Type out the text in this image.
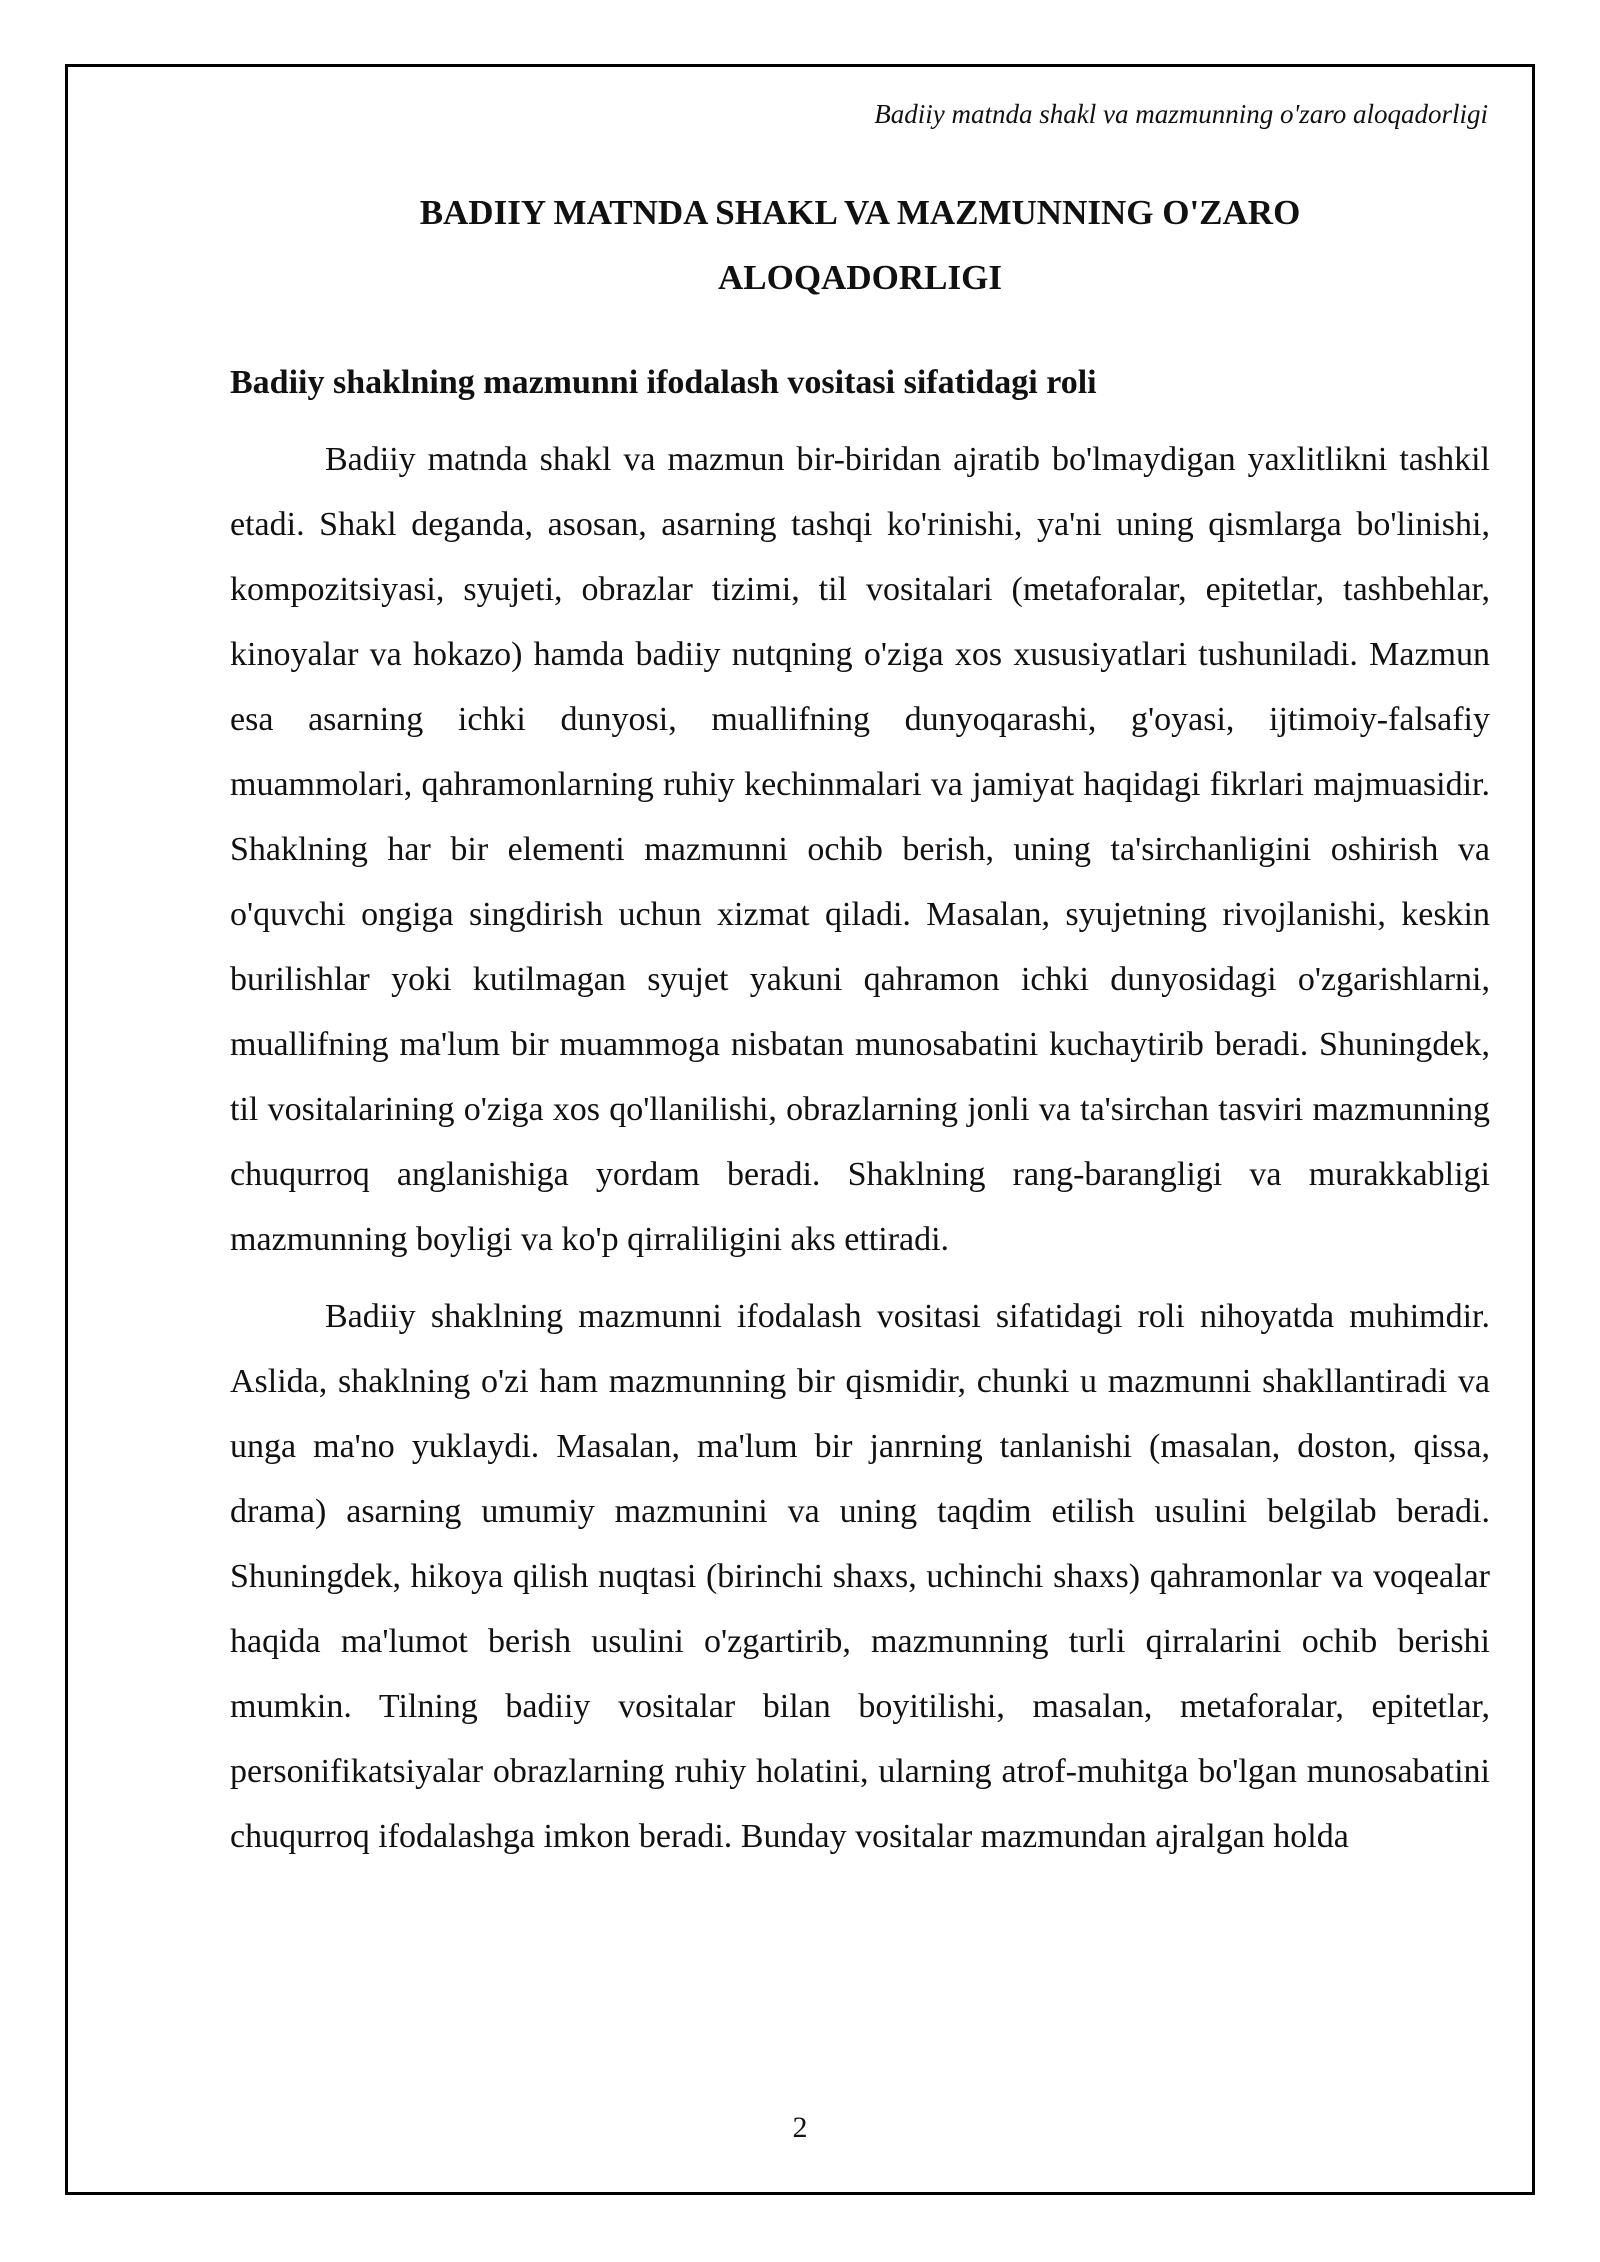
Badiiy matnda shakl va mazmunning o'zaro aloqadorligi
BADIIY MATNDA SHAKL VA MAZMUNNING O'ZARO
ALOQADORLIGI
Badiiy shaklning mazmunni ifodalash vositasi sifatidagi roli

Badiiy matnda shakl va mazmun bir-biridan ajratib bo'lmaydigan yaxlitlikni tashkil etadi. Shakl deganda, asosan, asarning tashqi ko'rinishi, ya'ni uning qismlarga bo'linishi, kompozitsiyasi, syujeti, obrazlar tizimi, til vositalari (metaforalar, epitetlar, tashbehlar, kinoyalar va hokazo) hamda badiiy nutqning o'ziga xos xususiyatlari tushuniladi. Mazmun esa asarning ichki dunyosi, muallifning dunyoqarashi, g'oyasi, ijtimoiy-falsafiy muammolari, qahramonlarning ruhiy kechinmalari va jamiyat haqidagi fikrlari majmuasidir. Shaklning har bir elementi mazmunni ochib berish, uning ta'sirchanligini oshirish va o'quvchi ongiga singdirish uchun xizmat qiladi. Masalan, syujetning rivojlanishi, keskin burilishlar yoki kutilmagan syujet yakuni qahramon ichki dunyosidagi o'zgarishlarni, muallifning ma'lum bir muammoga nisbatan munosabatini kuchaytirib beradi. Shuningdek, til vositalarining o'ziga xos qo'llanilishi, obrazlarning jonli va ta'sirchan tasviri mazmunning chuqurroq anglanishiga yordam beradi. Shaklning rang-barangligi va murakkabligi mazmunning boyligi va ko'p qirraliligini aks ettiradi.

Badiiy shaklning mazmunni ifodalash vositasi sifatidagi roli nihoyatda muhimdir. Aslida, shaklning o'zi ham mazmunning bir qismidir, chunki u mazmunni shakllantiradi va unga ma'no yuklaydi. Masalan, ma'lum bir janrning tanlanishi (masalan, doston, qissa, drama) asarning umumiy mazmunini va uning taqdim etilish usulini belgilab beradi. Shuningdek, hikoya qilish nuqtasi (birinchi shaxs, uchinchi shaxs) qahramonlar va voqealar haqida ma'lumot berish usulini o'zgartirib, mazmunning turli qirralarini ochib berishi mumkin. Tilning badiiy vositalar bilan boyitilishi, masalan, metaforalar, epitetlar, personifikatsiyalar obrazlarning ruhiy holatini, ularning atrof-muhitga bo'lgan munosabatini chuqurroq ifodalashga imkon beradi. Bunday vositalar mazmundan ajralgan holda

2
